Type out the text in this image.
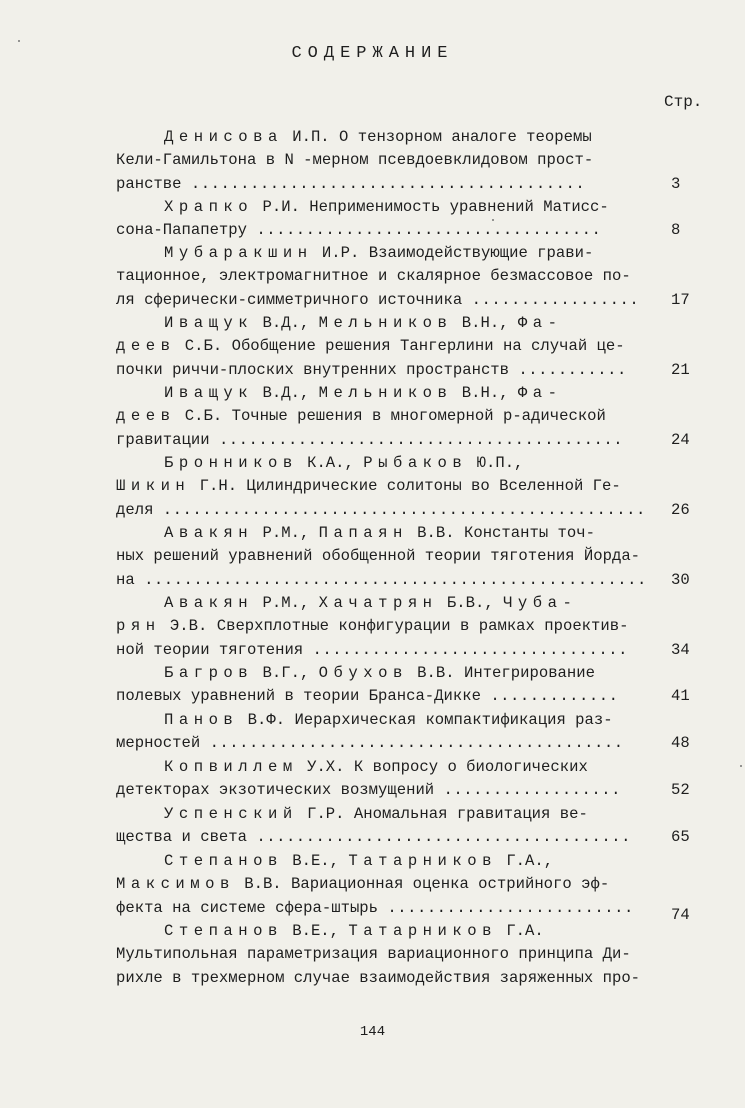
СОДЕРЖАНИЕ
Стр.
Денисова И.П. О тензорном аналоге теоремы
Кели-Гамильтона в N -мерном псевдоевклидовом прост-
ранстве ........................................	3
Храпко Р.И. Неприменимость уравнений Матисс-
сона-Папапетру ...................................	8
Мубаракшин И.Р. Взаимодействующие грави-
тационное, электромагнитное и скалярное безмассовое по-
ля сферически-симметричного источника .................	17
Иващук В.Д., Мельников В.Н., Фа-
деев С.Б. Обобщение решения Тангерлини на случай це-
почки риччи-плоских внутренних пространств ...........	21
Иващук В.Д., Мельников В.Н., Фа-
деев С.Б. Точные решения в многомерной р-адической
гравитации .........................................	24
Бронников К.А., Рыбаков Ю.П.,
Шикин Г.Н. Цилиндрические солитоны во Вселенной Ге-
деля .................................................	26
Авакян Р.М., Папаян В.В. Константы точ-
ных решений уравнений обобщенной теории тяготения Йорда-
на ...................................................	30
Авакян Р.М., Хачатрян Б.В., Чуба-
рян Э.В. Сверхплотные конфигурации в рамках проектив-
ной теории тяготения ................................	34
Багров В.Г., Обухов В.В. Интегрирование
полевых уравнений в теории Бранса-Дикке .............	41
Панов В.Ф. Иерархическая компактификация раз-
мерностей ..........................................	48
Копвиллем У.Х. К вопросу о биологических
детекторах экзотических возмущений ..................	52
Успенский Г.Р. Аномальная гравитация ве-
щества и света ......................................	65
Степанов В.Е., Татарников Г.А.,
Максимов В.В. Вариационная оценка острийного эф-
фекта на системе сфера-штырь .........................	74
Степанов В.Е., Татарников Г.А.
Мультипольная параметризация вариационного принципа Ди-
рихле в трехмерном случае взаимодействия заряженных про-
144
